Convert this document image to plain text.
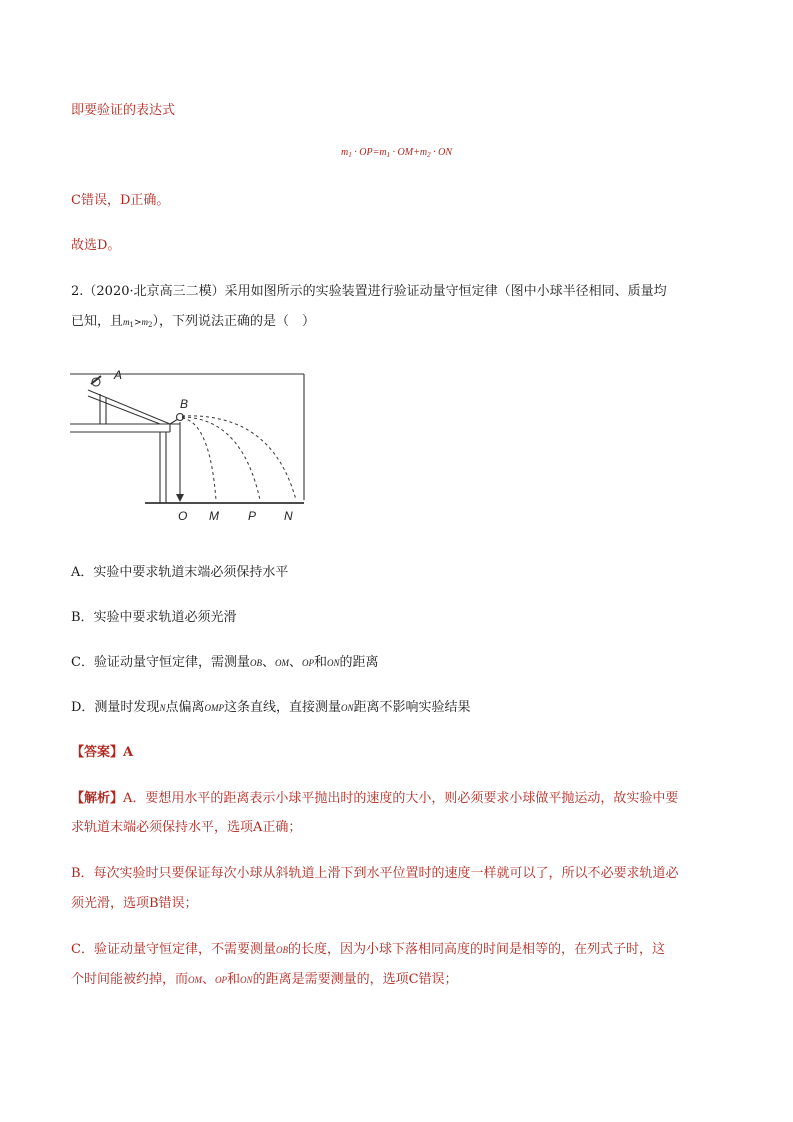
即要验证的表达式
$m_1 \cdot OP=m_1 \cdot OM+m_2$ · ON
C错误，D正确。
故选D。
2.（2020·北京高三二模）采用如图所示的实验装置进行验证动量守恒定律（图中小球半径相同、质量均
已知，且$m_1>m_2$），下列说法正确的是（　）
A
B
O M P N
A．实验中要求轨道末端必须保持水平
B．实验中要求轨道必须光滑
C．验证动量守恒定律，需测量OB、OM、OP和ON的距离
D．测量时发现N点偏离OMP这条直线，直接测量ON距离不影响实验结果
【答案】A
【解析】A．要想用水平的距离表示小球平抛出时的速度的大小，则必须要求小球做平抛运动，故实验中要
求轨道末端必须保持水平，选项A正确；
B．每次实验时只要保证每次小球从斜轨道上滑下到水平位置时的速度一样就可以了，所以不必要求轨道必
须光滑，选项B错误；
C．验证动量守恒定律，不需要测量OB的长度，因为小球下落相同高度的时间是相等的，在列式子时，这
个时间能被约掉，而OM、OP和ON的距离是需要测量的，选项C错误；
